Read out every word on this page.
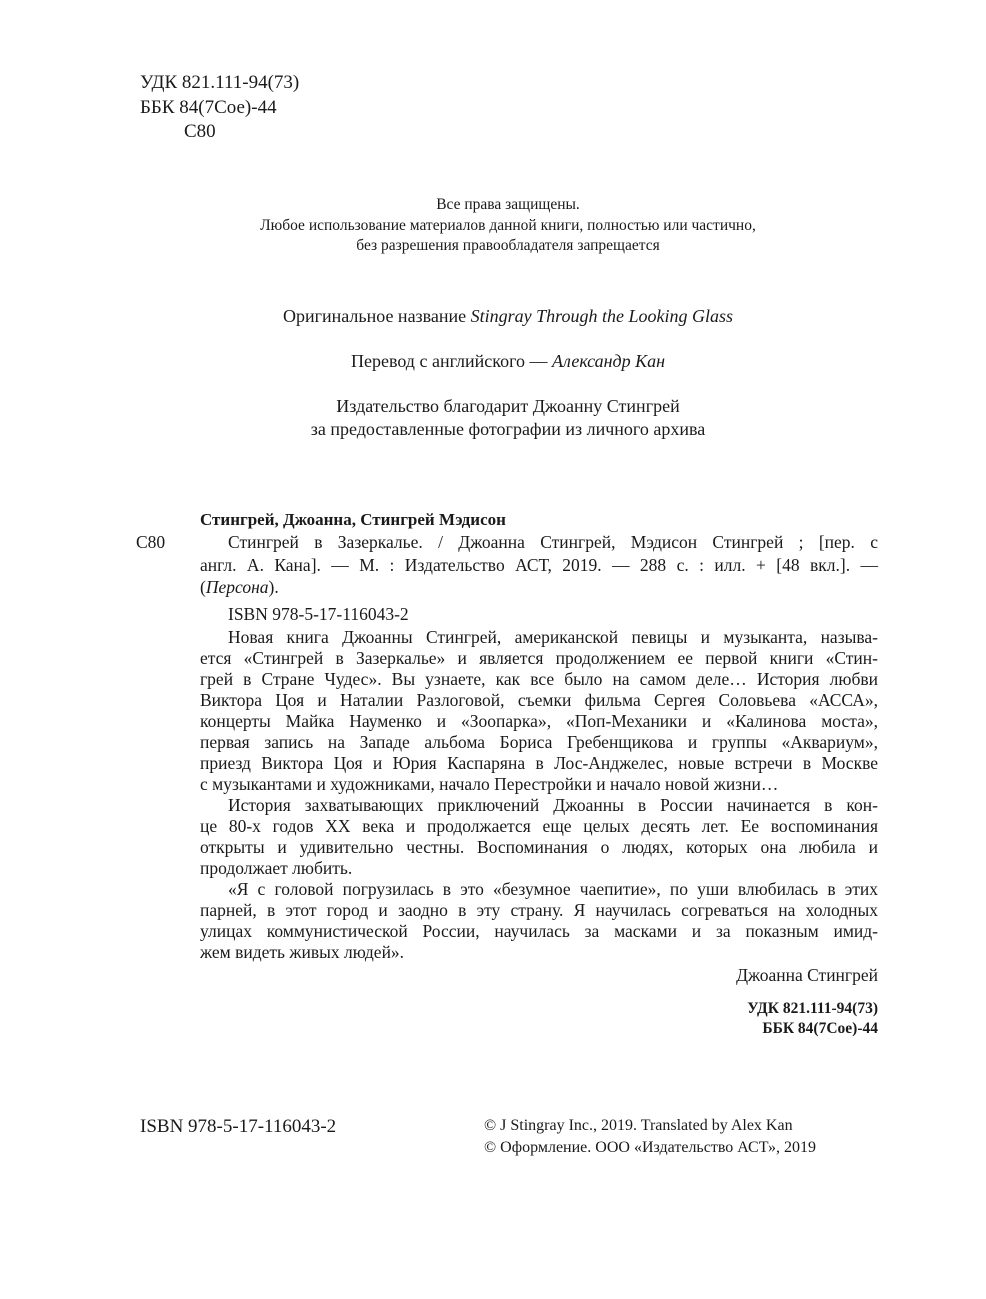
УДК 821.111-94(73)
ББК 84(7Сое)-44
С80
Все права защищены.
Любое использование материалов данной книги, полностью или частично,
без разрешения правообладателя запрещается
Оригинальное название Stingray Through the Looking Glass
Перевод с английского — Александр Кан
Издательство благодарит Джоанну Стингрей
за предоставленные фотографии из личного архива
Стингрей, Джоанна, Стингрей Мэдисон
С80	Стингрей в Зазеркалье. / Джоанна Стингрей, Мэдисон Стингрей ; [пер. с
англ. А. Кана]. — М. : Издательство АСТ, 2019. — 288 с. : илл. + [48 вкл.]. —
(Персона).
ISBN 978-5-17-116043-2
Новая книга Джоанны Стингрей, американской певицы и музыканта, называ-
ется «Стингрей в Зазеркалье» и является продолжением ее первой книги «Стин-
грей в Стране Чудес». Вы узнаете, как все было на самом деле… История любви
Виктора Цоя и Наталии Разлоговой, съемки фильма Сергея Соловьева «АССА»,
концерты Майка Науменко и «Зоопарка», «Поп-Механики и «Калинова моста»,
первая запись на Западе альбома Бориса Гребенщикова и группы «Аквариум»,
приезд Виктора Цоя и Юрия Каспаряна в Лос-Анджелес, новые встречи в Москве
с музыкантами и художниками, начало Перестройки и начало новой жизни…
История захватывающих приключений Джоанны в России начинается в кон-
це 80-х годов XX века и продолжается еще целых десять лет. Ее воспоминания
открыты и удивительно честны. Воспоминания о людях, которых она любила и
продолжает любить.
«Я с головой погрузилась в это «безумное чаепитие», по уши влюбилась в этих
парней, в этот город и заодно в эту страну. Я научилась согреваться на холодных
улицах коммунистической России, научилась за масками и за показным имид-
жем видеть живых людей».
Джоанна Стингрей
УДК 821.111-94(73)
ББК 84(7Сое)-44
ISBN 978-5-17-116043-2	© J Stingray Inc., 2019. Translated by Alex Kan
© Оформление. ООО «Издательство АСТ», 2019
